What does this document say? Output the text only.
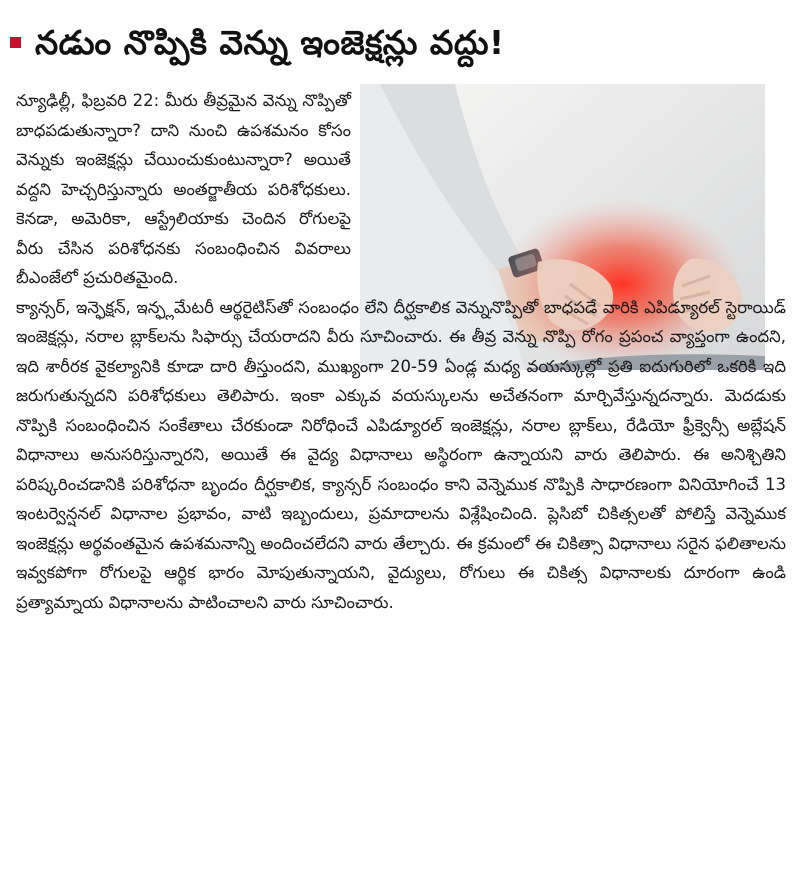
నడుం నొప్పికి వెన్ను ఇంజెక్షన్లు వద్దు!
న్యూఢిల్లీ, ఫిబ్రవరి 22: మీరు తీవ్రమైన వెన్ను నొప్పితో బాధపడుతున్నారా? దాని నుంచి ఉపశమనం కోసం వెన్నుకు ఇంజెక్షన్లు చేయించుకుంటున్నారా? అయితే వద్దని హెచ్చరిస్తున్నారు అంతర్జాతీయ పరిశోధకులు. కెనడా, అమెరికా, ఆస్ట్రేలియాకు చెందిన రోగులపై వీరు చేసిన పరిశోధనకు సంబంధించిన వివరాలు బీఎంజేలో ప్రచురితమైంది.
క్యాన్సర్, ఇన్ఫెక్షన్, ఇన్ఫ్లమేటరీ ఆర్థరైటిస్‌తో సంబంధం లేని దీర్ఘకాలిక వెన్నునొప్పితో బాధపడే వారికి ఎపిడ్యూరల్ స్టెరాయిడ్ ఇంజెక్షన్లు, నరాల బ్లాక్‌లను సిఫార్సు చేయరాదని వీరు సూచించారు. ఈ తీవ్ర వెన్ను నొప్పి రోగం ప్రపంచ వ్యాప్తంగా ఉందని, ఇది శారీరక వైకల్యానికి కూడా దారి తీస్తుందని, ముఖ్యంగా 20-59 ఏండ్ల మధ్య వయస్కుల్లో ప్రతి ఐదుగురిలో ఒకరికి ఇది జరుగుతున్నదని పరిశోధకులు తెలిపారు. ఇంకా ఎక్కువ వయస్కులను అచేతనంగా మార్చివేస్తున్నదన్నారు. మెదడుకు నొప్పికి సంబంధించిన సంకేతాలు చేరకుండా నిరోధించే ఎపిడ్యూరల్ ఇంజెక్షన్లు, నరాల బ్లాక్‌లు, రేడియో ఫ్రీక్వెన్సీ అబ్లేషన్ విధానాలు అనుసరిస్తున్నారని, అయితే ఈ వైద్య విధానాలు అస్థిరంగా ఉన్నాయని వారు తెలిపారు. ఈ అనిశ్చితిని పరిష్కరించడానికి పరిశోధనా బృందం దీర్ఘకాలిక, క్యాన్సర్ సంబంధం కాని వెన్నెముక నొప్పికి సాధారణంగా వినియోగించే 13 ఇంటర్వెన్షనల్ విధానాల ప్రభావం, వాటి ఇబ్బందులు, ప్రమాదాలను విశ్లేషించింది. ప్లెసిబో చికిత్సలతో పోలిస్తే వెన్నెముక ఇంజెక్షన్లు అర్థవంతమైన ఉపశమనాన్ని అందించలేదని వారు తేల్చారు. ఈ క్రమంలో ఈ చికిత్సా విధానాలు సరైన ఫలితాలను ఇవ్వకపోగా రోగులపై ఆర్థిక భారం మోపుతున్నాయని, వైద్యులు, రోగులు ఈ చికిత్స విధానాలకు దూరంగా ఉండి ప్రత్యామ్నాయ విధానాలను పాటించాలని వారు సూచించారు.
